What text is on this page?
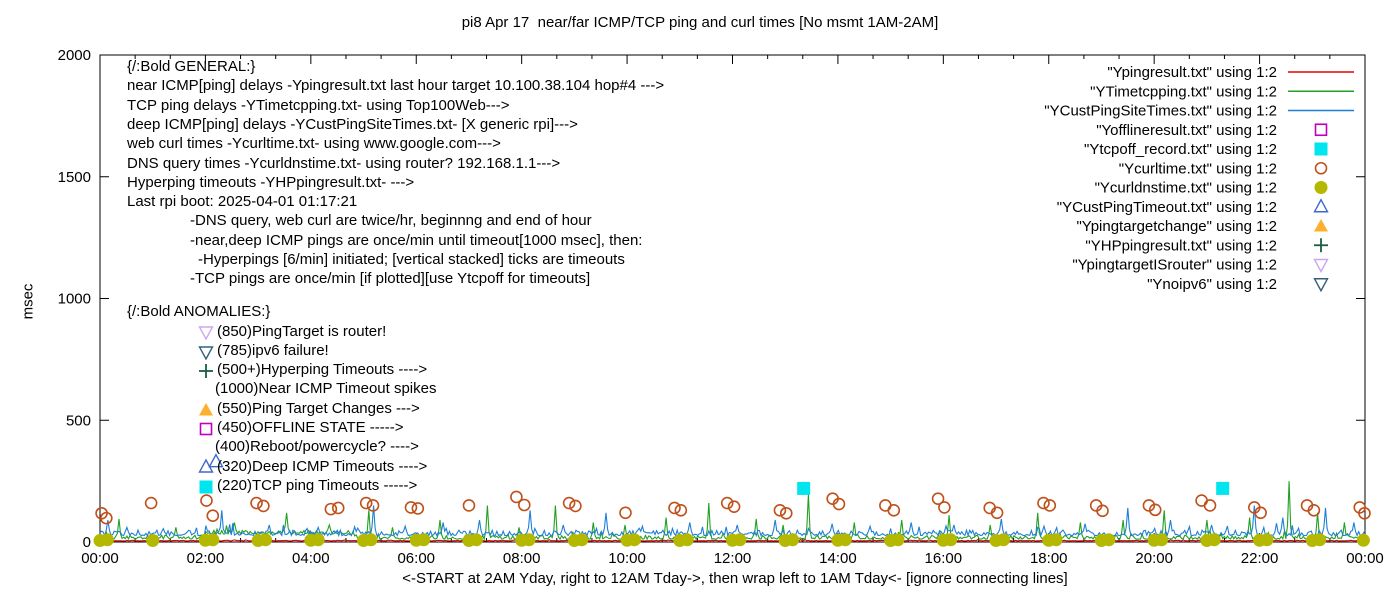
pi8 Apr 17  near/far ICMP/TCP ping and curl times [No msmt 1AM-2AM]
msec
0
500
1000
1500
2000
00:00	02:00	04:00	06:00	08:00	10:00	12:00	14:00	16:00	18:00	20:00	22:00	00:00
"Ypingresult.txt" using 1:2
"YTimetcpping.txt" using 1:2
"YCustPingSiteTimes.txt" using 1:2
"Yofflineresult.txt" using 1:2
"Ytcpoff_record.txt" using 1:2
"Ycurltime.txt" using 1:2
"Ycurldnstime.txt" using 1:2
"YCustPingTimeout.txt" using 1:2
"Ypingtargetchange" using 1:2
"YHPpingresult.txt" using 1:2
"YpingtargetISrouter" using 1:2
"Ynoipv6" using 1:2
{/:Bold GENERAL:}
near ICMP[ping] delays -Ypingresult.txt last hour target 10.100.38.104 hop#4 --->
TCP ping delays -YTimetcpping.txt- using Top100Web--->
deep ICMP[ping] delays -YCustPingSiteTimes.txt- [X generic rpi]--->
web curl times -Ycurltime.txt- using www.google.com--->
DNS query times -Ycurldnstime.txt- using router? 192.168.1.1--->
Hyperping timeouts -YHPpingresult.txt- --->
Last rpi boot: 2025-04-01 01:17:21
-DNS query, web curl are twice/hr, beginnng and end of hour
-near,deep ICMP pings are once/min until timeout[1000 msec], then:
-Hyperpings [6/min] initiated; [vertical stacked] ticks are timeouts
-TCP pings are once/min [if plotted][use Ytcpoff for timeouts]
{/:Bold ANOMALIES:}
(850)PingTarget is router!
(785)ipv6 failure!
(500+)Hyperping Timeouts ---->
(1000)Near ICMP Timeout spikes
(550)Ping Target Changes --->
(450)OFFLINE STATE ----->
(400)Reboot/powercycle? ---->
(320)Deep ICMP Timeouts ---->
(220)TCP ping Timeouts ----->
<-START at 2AM Yday, right to 12AM Tday->, then wrap left to 1AM Tday<- [ignore connecting lines]
